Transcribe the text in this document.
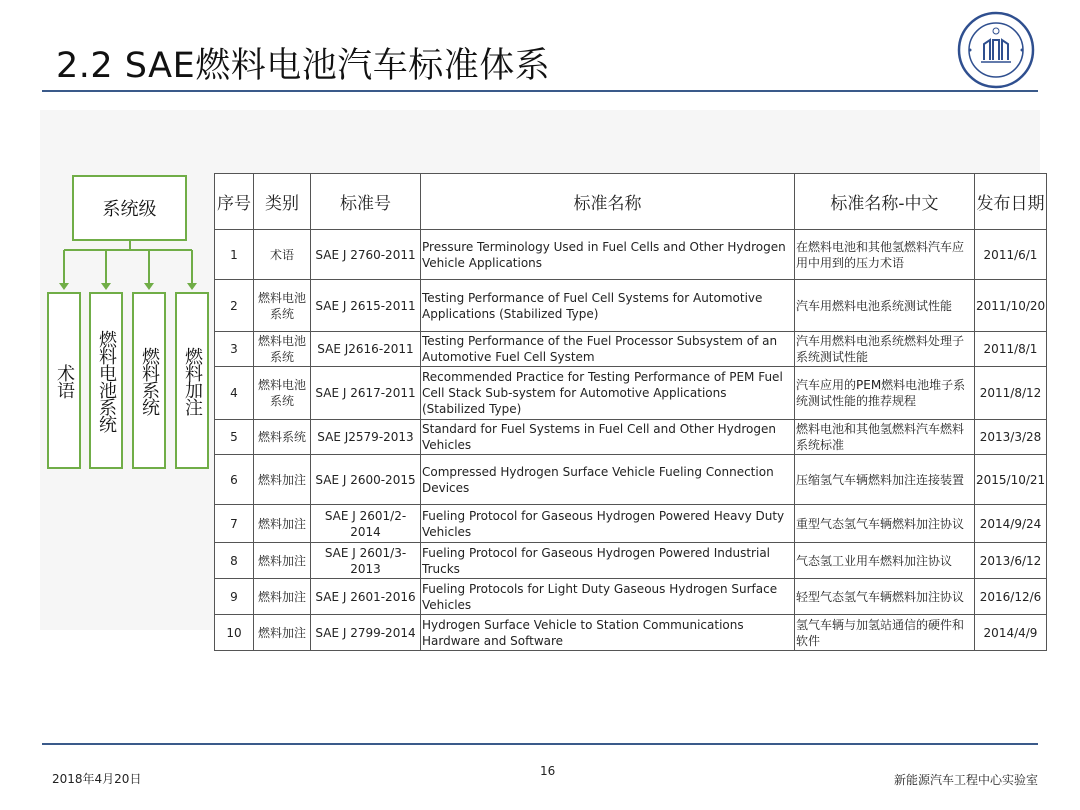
2.2 SAE燃料电池汽车标准体系
系统级
术语 燃料电池系统 燃料系统 燃料加注
序号	类别	标准号	标准名称	标准名称-中文	发布日期
1	术语	SAE J 2760-2011	Pressure Terminology Used in Fuel Cells and Other Hydrogen Vehicle Applications	在燃料电池和其他氢燃料汽车应用中用到的压力术语	2011/6/1
2	燃料电池系统	SAE J 2615-2011	Testing Performance of Fuel Cell Systems for Automotive Applications (Stabilized Type)	汽车用燃料电池系统测试性能	2011/10/20
3	燃料电池系统	SAE J2616-2011	Testing Performance of the Fuel Processor Subsystem of an Automotive Fuel Cell System	汽车用燃料电池系统燃料处理子系统测试性能	2011/8/1
4	燃料电池系统	SAE J 2617-2011	Recommended Practice for Testing Performance of PEM Fuel Cell Stack Sub-system for Automotive Applications (Stabilized Type)	汽车应用的PEM燃料电池堆子系统测试性能的推荐规程	2011/8/12
5	燃料系统	SAE J2579-2013	Standard for Fuel Systems in Fuel Cell and Other Hydrogen Vehicles	燃料电池和其他氢燃料汽车燃料系统标准	2013/3/28
6	燃料加注	SAE J 2600-2015	Compressed Hydrogen Surface Vehicle Fueling Connection Devices	压缩氢气车辆燃料加注连接装置	2015/10/21
7	燃料加注	SAE J 2601/2-2014	Fueling Protocol for Gaseous Hydrogen Powered Heavy Duty Vehicles	重型气态氢气车辆燃料加注协议	2014/9/24
8	燃料加注	SAE J 2601/3-2013	Fueling Protocol for Gaseous Hydrogen Powered Industrial Trucks	气态氢工业用车燃料加注协议	2013/6/12
9	燃料加注	SAE J 2601-2016	Fueling Protocols for Light Duty Gaseous Hydrogen Surface Vehicles	轻型气态氢气车辆燃料加注协议	2016/12/6
10	燃料加注	SAE J 2799-2014	Hydrogen Surface Vehicle to Station Communications Hardware and Software	氢气车辆与加氢站通信的硬件和软件	2014/4/9
2018年4月20日
16
新能源汽车工程中心实验室
